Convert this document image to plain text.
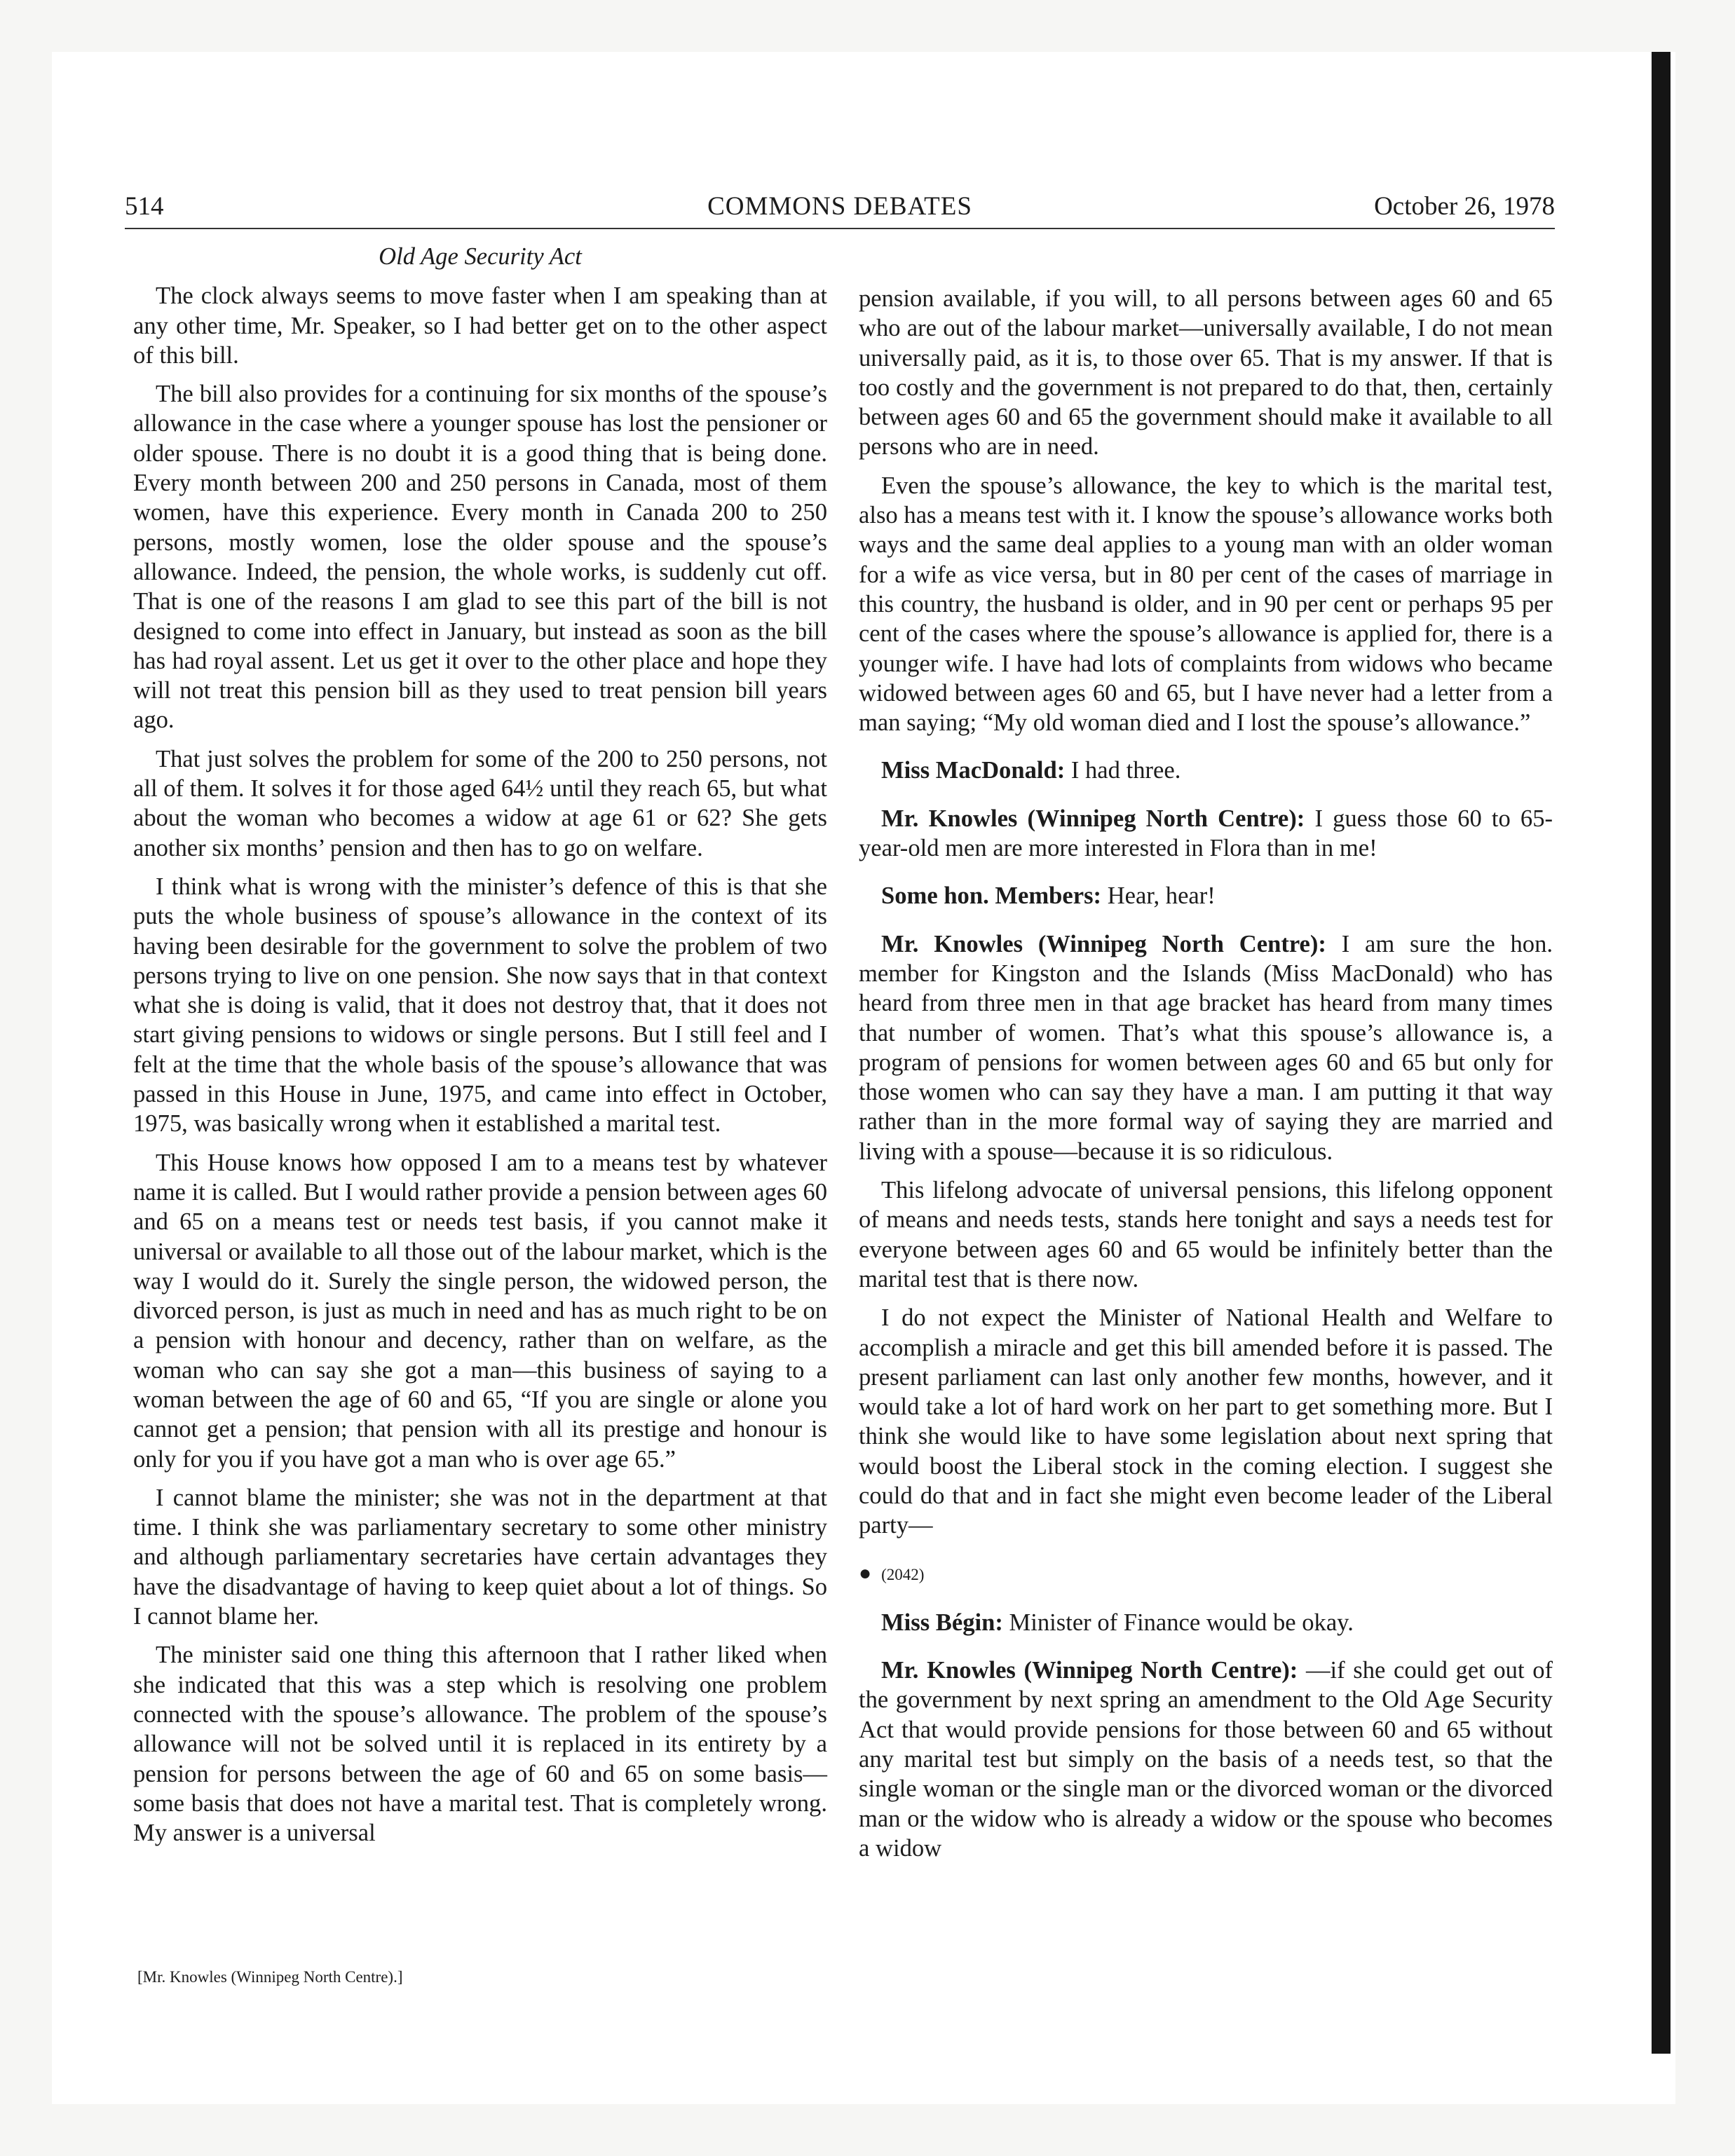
514	COMMONS DEBATES	October 26, 1978

Old Age Security Act

The clock always seems to move faster when I am speaking than at any other time, Mr. Speaker, so I had better get on to the other aspect of this bill.

The bill also provides for a continuing for six months of the spouse’s allowance in the case where a younger spouse has lost the pensioner or older spouse. There is no doubt it is a good thing that is being done. Every month between 200 and 250 persons in Canada, most of them women, have this experience. Every month in Canada 200 to 250 persons, mostly women, lose the older spouse and the spouse’s allowance. Indeed, the pension, the whole works, is suddenly cut off. That is one of the reasons I am glad to see this part of the bill is not designed to come into effect in January, but instead as soon as the bill has had royal assent. Let us get it over to the other place and hope they will not treat this pension bill as they used to treat pension bill years ago.

That just solves the problem for some of the 200 to 250 persons, not all of them. It solves it for those aged 64½ until they reach 65, but what about the woman who becomes a widow at age 61 or 62? She gets another six months’ pension and then has to go on welfare.

I think what is wrong with the minister’s defence of this is that she puts the whole business of spouse’s allowance in the context of its having been desirable for the government to solve the problem of two persons trying to live on one pension. She now says that in that context what she is doing is valid, that it does not destroy that, that it does not start giving pensions to widows or single persons. But I still feel and I felt at the time that the whole basis of the spouse’s allowance that was passed in this House in June, 1975, and came into effect in October, 1975, was basically wrong when it established a marital test.

This House knows how opposed I am to a means test by whatever name it is called. But I would rather provide a pension between ages 60 and 65 on a means test or needs test basis, if you cannot make it universal or available to all those out of the labour market, which is the way I would do it. Surely the single person, the widowed person, the divorced person, is just as much in need and has as much right to be on a pension with honour and decency, rather than on welfare, as the woman who can say she got a man—this business of saying to a woman between the age of 60 and 65, “If you are single or alone you cannot get a pension; that pension with all its prestige and honour is only for you if you have got a man who is over age 65.”

I cannot blame the minister; she was not in the department at that time. I think she was parliamentary secretary to some other ministry and although parliamentary secretaries have certain advantages they have the disadvantage of having to keep quiet about a lot of things. So I cannot blame her.

The minister said one thing this afternoon that I rather liked when she indicated that this was a step which is resolving one problem connected with the spouse’s allowance. The problem of the spouse’s allowance will not be solved until it is replaced in its entirety by a pension for persons between the age of 60 and 65 on some basis—some basis that does not have a marital test. That is completely wrong. My answer is a universal

[Mr. Knowles (Winnipeg North Centre).]

pension available, if you will, to all persons between ages 60 and 65 who are out of the labour market—universally available, I do not mean universally paid, as it is, to those over 65. That is my answer. If that is too costly and the government is not prepared to do that, then, certainly between ages 60 and 65 the government should make it available to all persons who are in need.

Even the spouse’s allowance, the key to which is the marital test, also has a means test with it. I know the spouse’s allowance works both ways and the same deal applies to a young man with an older woman for a wife as vice versa, but in 80 per cent of the cases of marriage in this country, the husband is older, and in 90 per cent or perhaps 95 per cent of the cases where the spouse’s allowance is applied for, there is a younger wife. I have had lots of complaints from widows who became widowed between ages 60 and 65, but I have never had a letter from a man saying; “My old woman died and I lost the spouse’s allowance.”

Miss MacDonald: I had three.

Mr. Knowles (Winnipeg North Centre): I guess those 60 to 65-year-old men are more interested in Flora than in me!

Some hon. Members: Hear, hear!

Mr. Knowles (Winnipeg North Centre): I am sure the hon. member for Kingston and the Islands (Miss MacDonald) who has heard from three men in that age bracket has heard from many times that number of women. That’s what this spouse’s allowance is, a program of pensions for women between ages 60 and 65 but only for those women who can say they have a man. I am putting it that way rather than in the more formal way of saying they are married and living with a spouse—because it is so ridiculous.

This lifelong advocate of universal pensions, this lifelong opponent of means and needs tests, stands here tonight and says a needs test for everyone between ages 60 and 65 would be infinitely better than the marital test that is there now.

I do not expect the Minister of National Health and Welfare to accomplish a miracle and get this bill amended before it is passed. The present parliament can last only another few months, however, and it would take a lot of hard work on her part to get something more. But I think she would like to have some legislation about next spring that would boost the Liberal stock in the coming election. I suggest she could do that and in fact she might even become leader of the Liberal party—

● (2042)

Miss Bégin: Minister of Finance would be okay.

Mr. Knowles (Winnipeg North Centre): —if she could get out of the government by next spring an amendment to the Old Age Security Act that would provide pensions for those between 60 and 65 without any marital test but simply on the basis of a needs test, so that the single woman or the single man or the divorced woman or the divorced man or the widow who is already a widow or the spouse who becomes a widow
